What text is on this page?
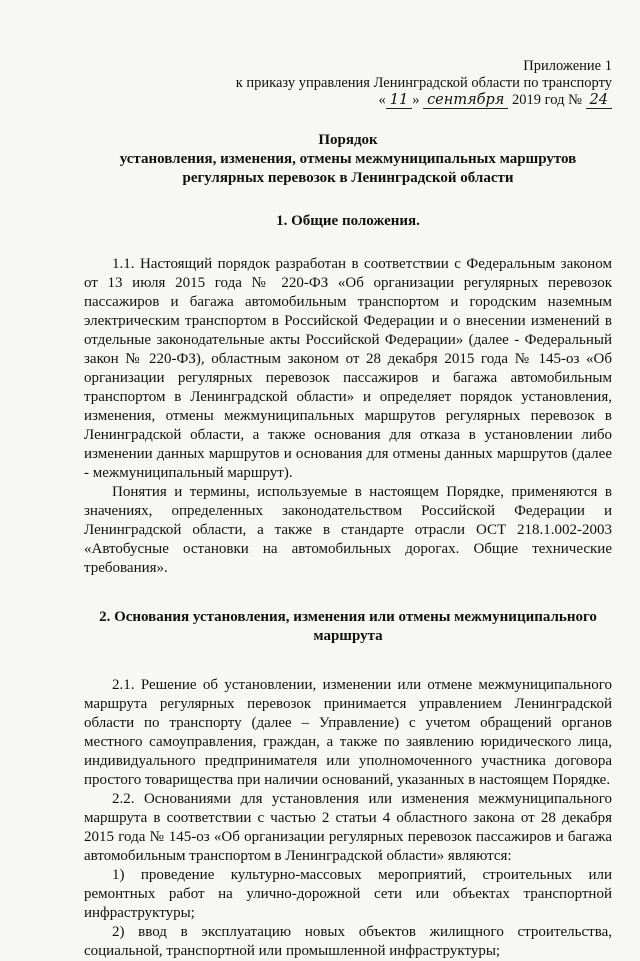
Приложение 1
к приказу управления Ленинградской области по транспорту
« 11 » сентября 2019 год № 24
Порядок
установления, изменения, отмены межмуниципальных маршрутов
регулярных перевозок в Ленинградской области
1. Общие положения.

1.1. Настоящий порядок разработан в соответствии с Федеральным законом от 13 июля 2015 года № 220-ФЗ «Об организации регулярных перевозок пассажиров и багажа автомобильным транспортом и городским наземным электрическим транспортом в Российской Федерации и о внесении изменений в отдельные законодательные акты Российской Федерации» (далее - Федеральный закон № 220-ФЗ), областным законом от 28 декабря 2015 года № 145-оз «Об организации регулярных перевозок пассажиров и багажа автомобильным транспортом в Ленинградской области» и определяет порядок установления, изменения, отмены межмуниципальных маршрутов регулярных перевозок в Ленинградской области, а также основания для отказа в установлении либо изменении данных маршрутов и основания для отмены данных маршрутов (далее - межмуниципальный маршрут).

Понятия и термины, используемые в настоящем Порядке, применяются в значениях, определенных законодательством Российской Федерации и Ленинградской области, а также в стандарте отрасли ОСТ 218.1.002-2003 «Автобусные остановки на автомобильных дорогах. Общие технические требования».

2. Основания установления, изменения или отмены межмуниципального
маршрута

2.1. Решение об установлении, изменении или отмене межмуниципального маршрута регулярных перевозок принимается управлением Ленинградской области по транспорту (далее – Управление) с учетом обращений органов местного самоуправления, граждан, а также по заявлению юридического лица, индивидуального предпринимателя или уполномоченного участника договора простого товарищества при наличии оснований, указанных в настоящем Порядке.

2.2. Основаниями для установления или изменения межмуниципального маршрута в соответствии с частью 2 статьи 4 областного закона от 28 декабря 2015 года № 145-оз «Об организации регулярных перевозок пассажиров и багажа автомобильным транспортом в Ленинградской области» являются:

1) проведение культурно-массовых мероприятий, строительных или ремонтных работ на улично-дорожной сети или объектах транспортной инфраструктуры;

2) ввод в эксплуатацию новых объектов жилищного строительства, социальной, транспортной или промышленной инфраструктуры;
